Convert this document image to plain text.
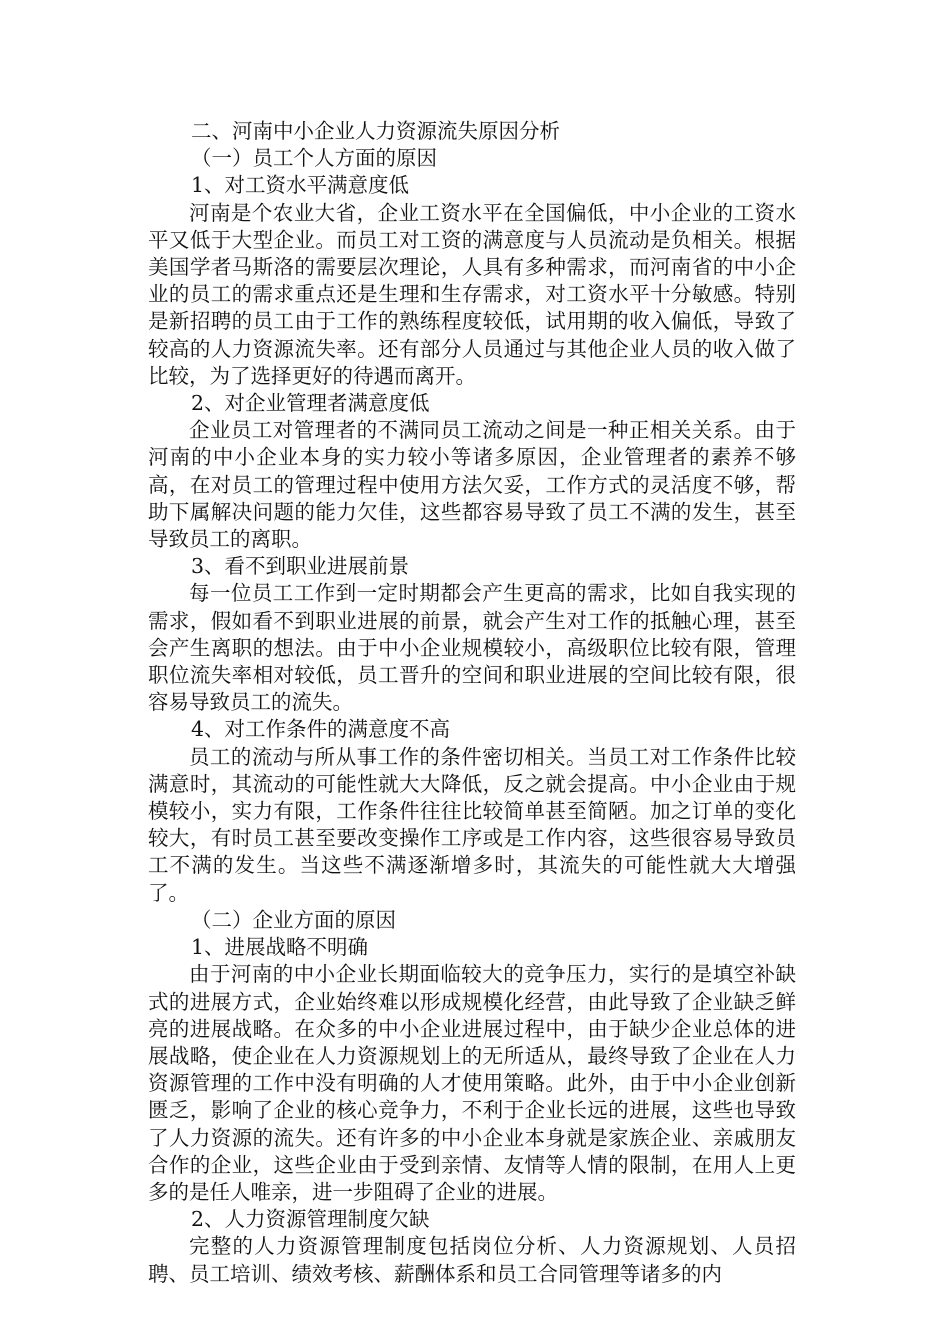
二、河南中小企业人力资源流失原因分析

（一）员工个人方面的原因

1、对工资水平满意度低

河南是个农业大省，企业工资水平在全国偏低，中小企业的工资水平又低于大型企业。而员工对工资的满意度与人员流动是负相关。根据美国学者马斯洛的需要层次理论，人具有多种需求，而河南省的中小企业的员工的需求重点还是生理和生存需求，对工资水平十分敏感。特别是新招聘的员工由于工作的熟练程度较低，试用期的收入偏低，导致了较高的人力资源流失率。还有部分人员通过与其他企业人员的收入做了比较，为了选择更好的待遇而离开。

2、对企业管理者满意度低

企业员工对管理者的不满同员工流动之间是一种正相关关系。由于河南的中小企业本身的实力较小等诸多原因，企业管理者的素养不够高，在对员工的管理过程中使用方法欠妥，工作方式的灵活度不够，帮助下属解决问题的能力欠佳，这些都容易导致了员工不满的发生，甚至导致员工的离职。

3、看不到职业进展前景

每一位员工工作到一定时期都会产生更高的需求，比如自我实现的需求，假如看不到职业进展的前景，就会产生对工作的抵触心理，甚至会产生离职的想法。由于中小企业规模较小，高级职位比较有限，管理职位流失率相对较低，员工晋升的空间和职业进展的空间比较有限，很容易导致员工的流失。

4、对工作条件的满意度不高

员工的流动与所从事工作的条件密切相关。当员工对工作条件比较满意时，其流动的可能性就大大降低，反之就会提高。中小企业由于规模较小，实力有限，工作条件往往比较简单甚至简陋。加之订单的变化较大，有时员工甚至要改变操作工序或是工作内容，这些很容易导致员工不满的发生。当这些不满逐渐增多时，其流失的可能性就大大增强了。

（二）企业方面的原因

1、进展战略不明确

由于河南的中小企业长期面临较大的竞争压力，实行的是填空补缺式的进展方式，企业始终难以形成规模化经营，由此导致了企业缺乏鲜亮的进展战略。在众多的中小企业进展过程中，由于缺少企业总体的进展战略，使企业在人力资源规划上的无所适从，最终导致了企业在人力资源管理的工作中没有明确的人才使用策略。此外，由于中小企业创新匮乏，影响了企业的核心竞争力，不利于企业长远的进展，这些也导致了人力资源的流失。还有许多的中小企业本身就是家族企业、亲戚朋友合作的企业，这些企业由于受到亲情、友情等人情的限制，在用人上更多的是任人唯亲，进一步阻碍了企业的进展。

2、人力资源管理制度欠缺

完整的人力资源管理制度包括岗位分析、人力资源规划、人员招聘、员工培训、绩效考核、薪酬体系和员工合同管理等诸多的内
